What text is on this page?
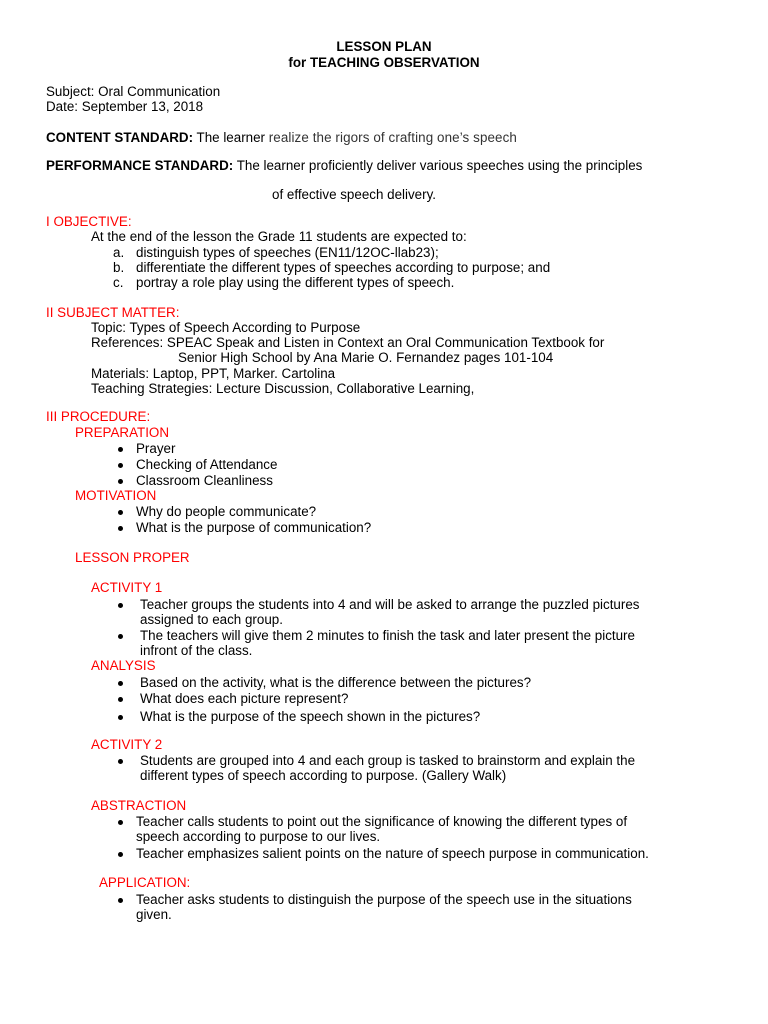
LESSON PLAN
for TEACHING OBSERVATION
Subject: Oral Communication
Date: September 13, 2018
CONTENT STANDARD: The learner realize the rigors of crafting one’s speech
PERFORMANCE STANDARD: The learner proficiently deliver various speeches using the principles
of effective speech delivery.
I OBJECTIVE:
At the end of the lesson the Grade 11 students are expected to:
a. distinguish types of speeches (EN11/12OC-llab23);
b. differentiate the different types of speeches according to purpose; and
c. portray a role play using the different types of speech.
II SUBJECT MATTER:
Topic: Types of Speech According to Purpose
References: SPEAC Speak and Listen in Context an Oral Communication Textbook for
Senior High School by Ana Marie O. Fernandez pages 101-104
Materials: Laptop, PPT, Marker. Cartolina
Teaching Strategies: Lecture Discussion, Collaborative Learning,
III PROCEDURE:
PREPARATION
Prayer
Checking of Attendance
Classroom Cleanliness
MOTIVATION
Why do people communicate?
What is the purpose of communication?
LESSON PROPER
ACTIVITY 1
Teacher groups the students into 4 and will be asked to arrange the puzzled pictures
assigned to each group.
The teachers will give them 2 minutes to finish the task and later present the picture
infront of the class.
ANALYSIS
Based on the activity, what is the difference between the pictures?
What does each picture represent?
What is the purpose of the speech shown in the pictures?
ACTIVITY 2
Students are grouped into 4 and each group is tasked to brainstorm and explain the
different types of speech according to purpose. (Gallery Walk)
ABSTRACTION
Teacher calls students to point out the significance of knowing the different types of
speech according to purpose to our lives.
Teacher emphasizes salient points on the nature of speech purpose in communication.
APPLICATION:
Teacher asks students to distinguish the purpose of the speech use in the situations
given.
